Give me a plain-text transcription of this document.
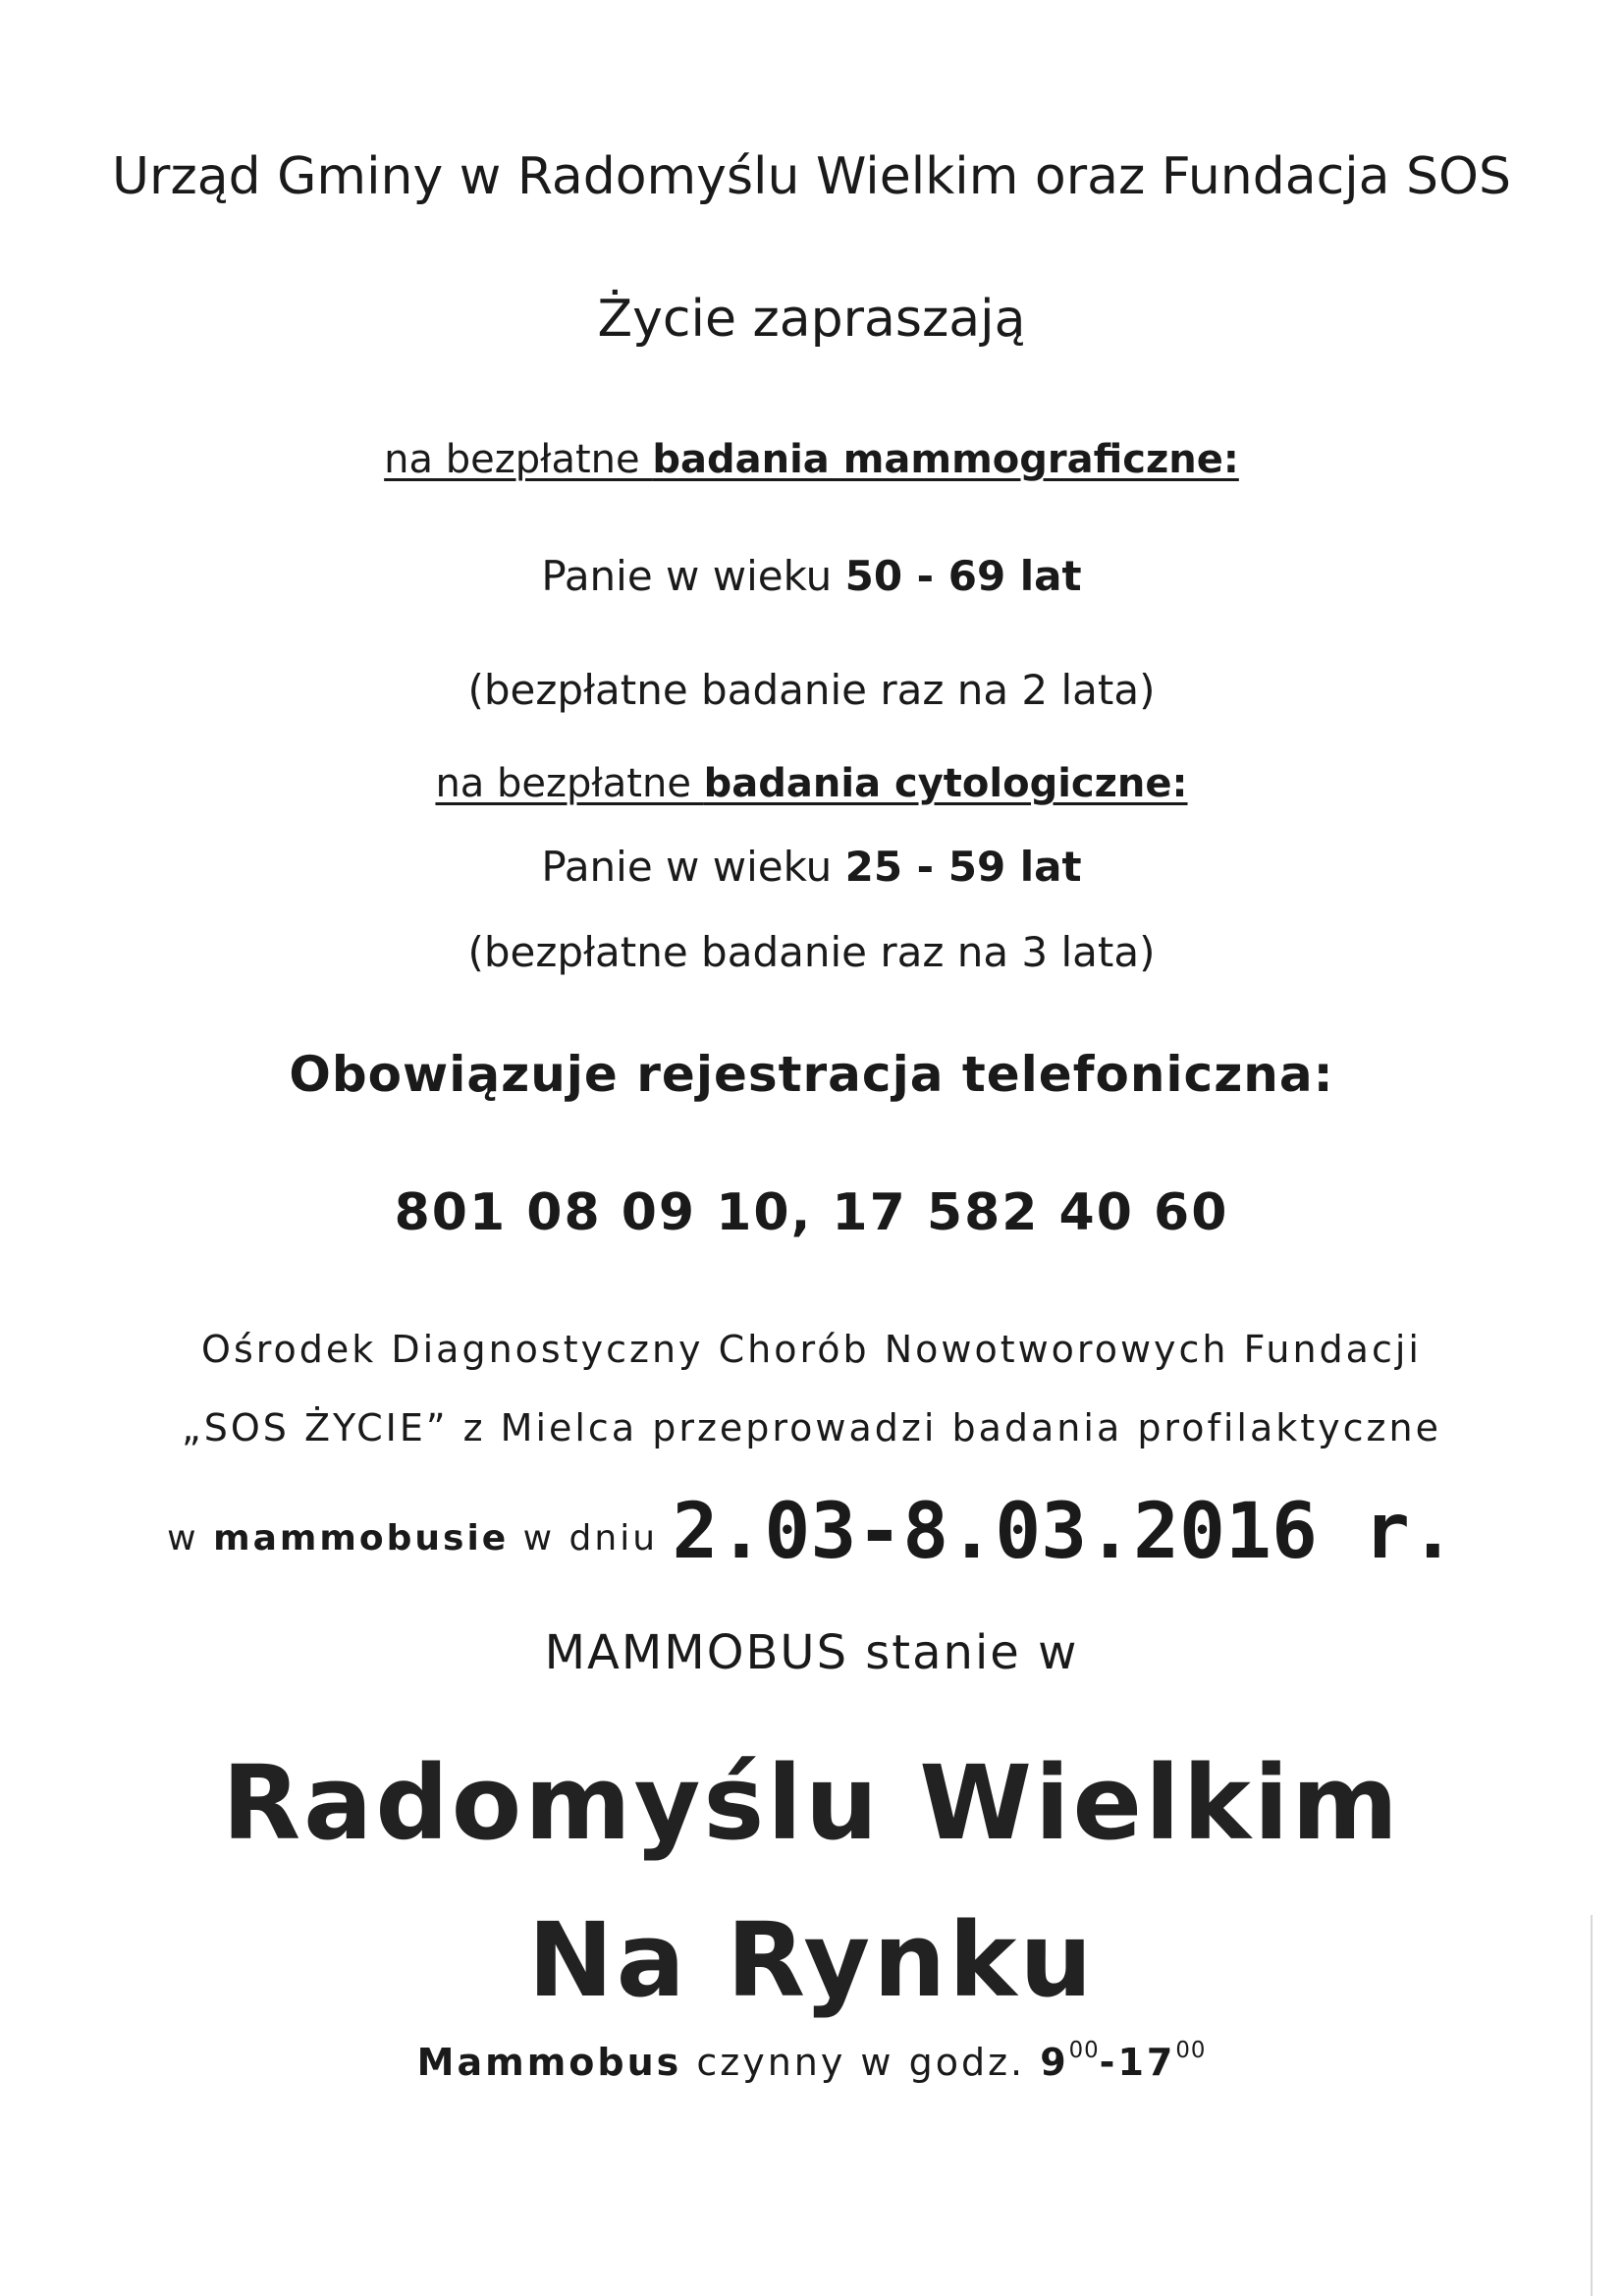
Urząd Gminy w Radomyślu Wielkim oraz Fundacja SOS
Życie zapraszają
na bezpłatne badania mammograficzne:
Panie w wieku 50 - 69 lat
(bezpłatne badanie raz na 2 lata)
na bezpłatne badania cytologiczne:
Panie w wieku 25 - 59 lat
(bezpłatne badanie raz na 3 lata)
Obowiązuje rejestracja telefoniczna:
801 08 09 10, 17 582 40 60
Ośrodek Diagnostyczny Chorób Nowotworowych Fundacji
„SOS ŻYCIE” z Mielca przeprowadzi badania profilaktyczne
w mammobusie w dniu 2.03-8.03.2016 r.
MAMMOBUS stanie w
Radomyślu Wielkim
Na Rynku
Mammobus czynny w godz. $9^{00}-17^{00}$
